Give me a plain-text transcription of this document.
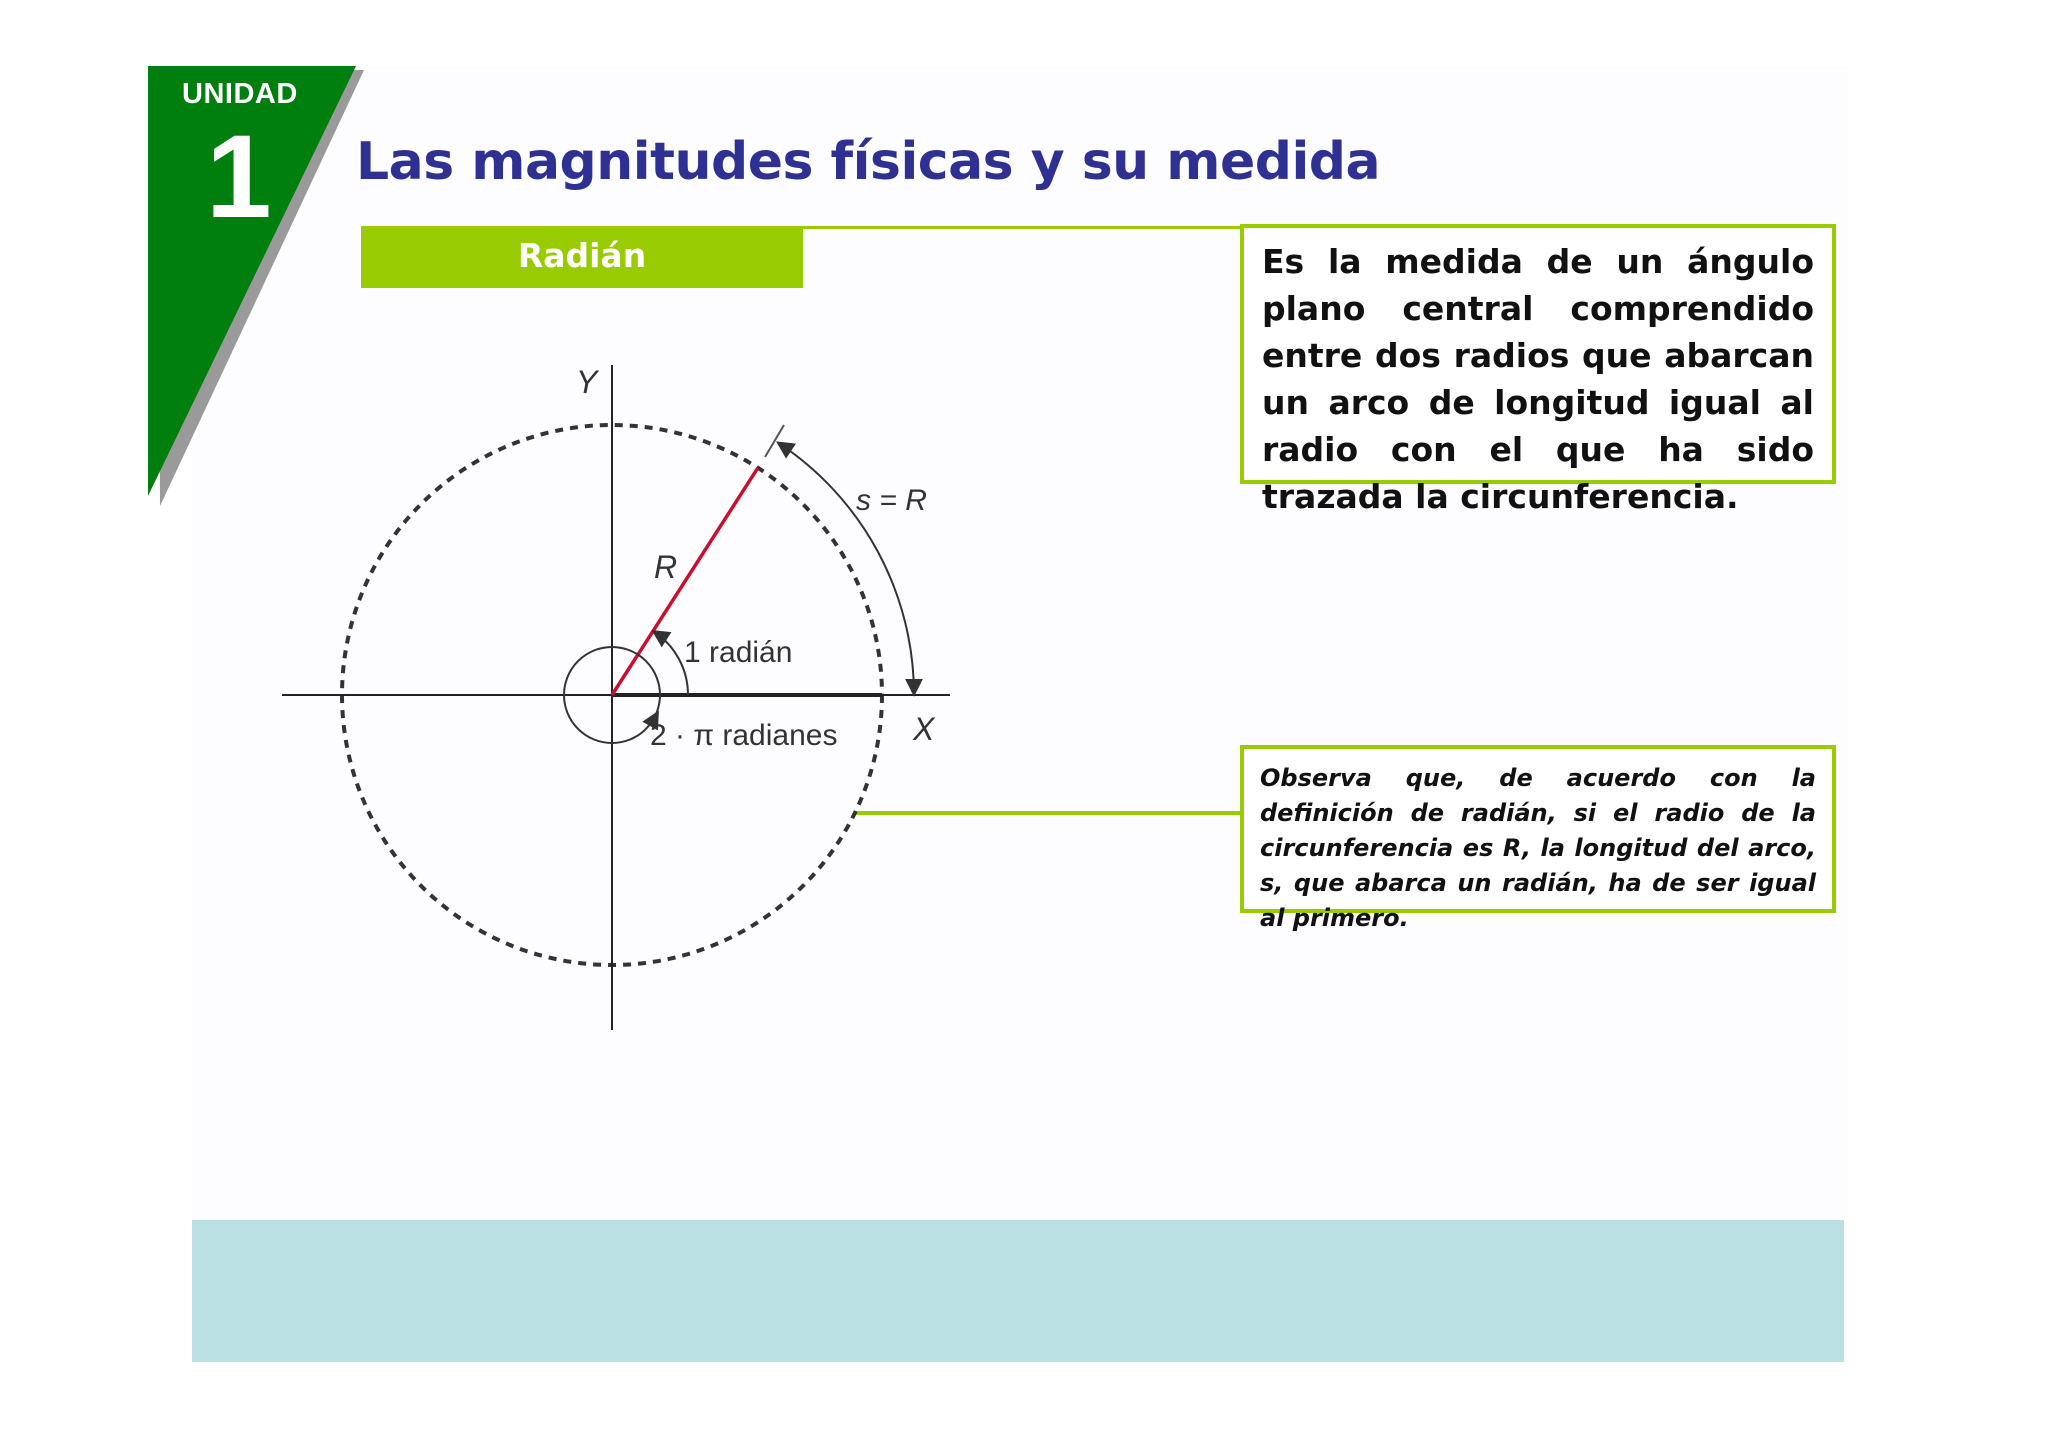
UNIDAD
1 Las magnitudes físicas y su medida
Radián	Es la medida de un ángulo plano central comprendido entre dos radios que abarcan un arco de longitud igual al radio con el que ha sido trazada la circunferencia.

Observa que, de acuerdo con la definición de radián, si el radio de la circunferencia es R, la longitud del arco, s, que abarca un radián, ha de ser igual al primero.

Y
X
R
s = R
1 radián
2 · π radianes
